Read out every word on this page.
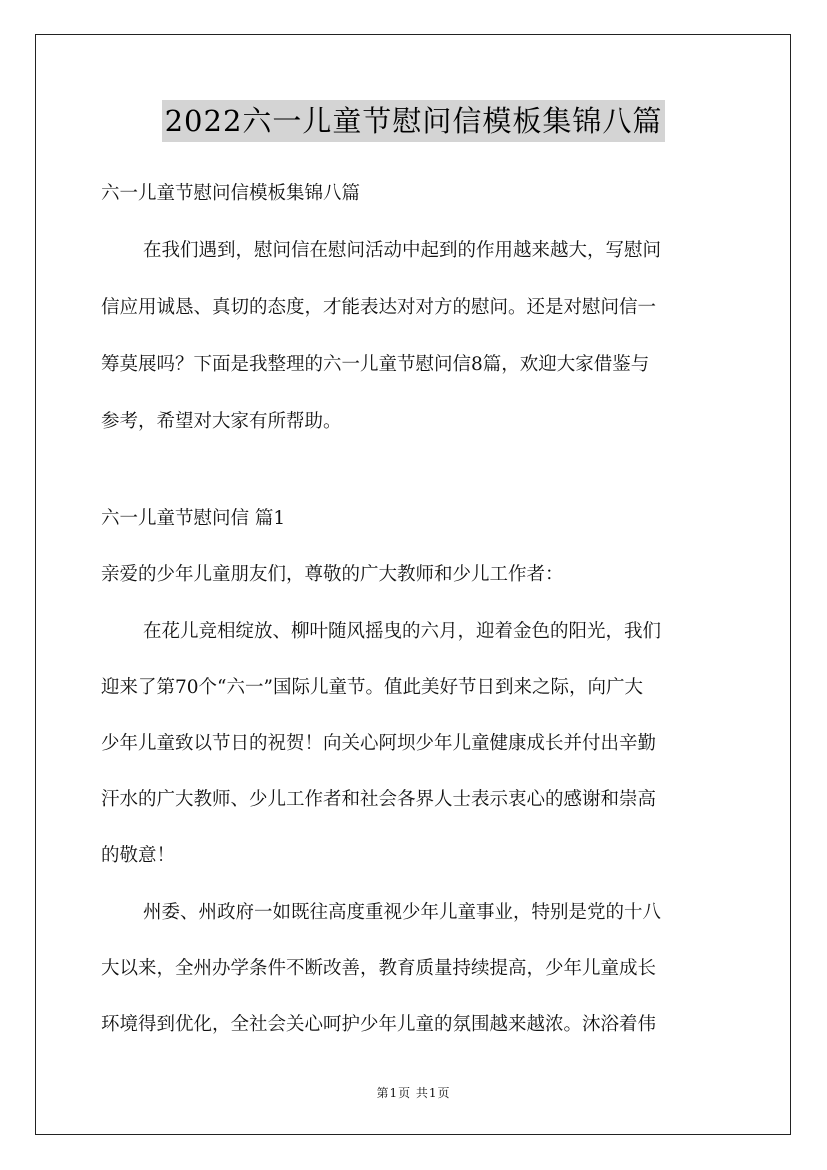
2022六一儿童节慰问信模板集锦八篇
六一儿童节慰问信模板集锦八篇
在我们遇到，慰问信在慰问活动中起到的作用越来越大，写慰问
信应用诚恳、真切的态度，才能表达对对方的慰问。还是对慰问信一
筹莫展吗？下面是我整理的六一儿童节慰问信8篇，欢迎大家借鉴与
参考，希望对大家有所帮助。
六一儿童节慰问信 篇1
亲爱的少年儿童朋友们，尊敬的广大教师和少儿工作者：
在花儿竞相绽放、柳叶随风摇曳的六月，迎着金色的阳光，我们
迎来了第70个“六一”国际儿童节。值此美好节日到来之际，向广大
少年儿童致以节日的祝贺！向关心阿坝少年儿童健康成长并付出辛勤
汗水的广大教师、少儿工作者和社会各界人士表示衷心的感谢和崇高
的敬意！
州委、州政府一如既往高度重视少年儿童事业，特别是党的十八
大以来，全州办学条件不断改善，教育质量持续提高，少年儿童成长
环境得到优化，全社会关心呵护少年儿童的氛围越来越浓。沐浴着伟
第1页 共1页
